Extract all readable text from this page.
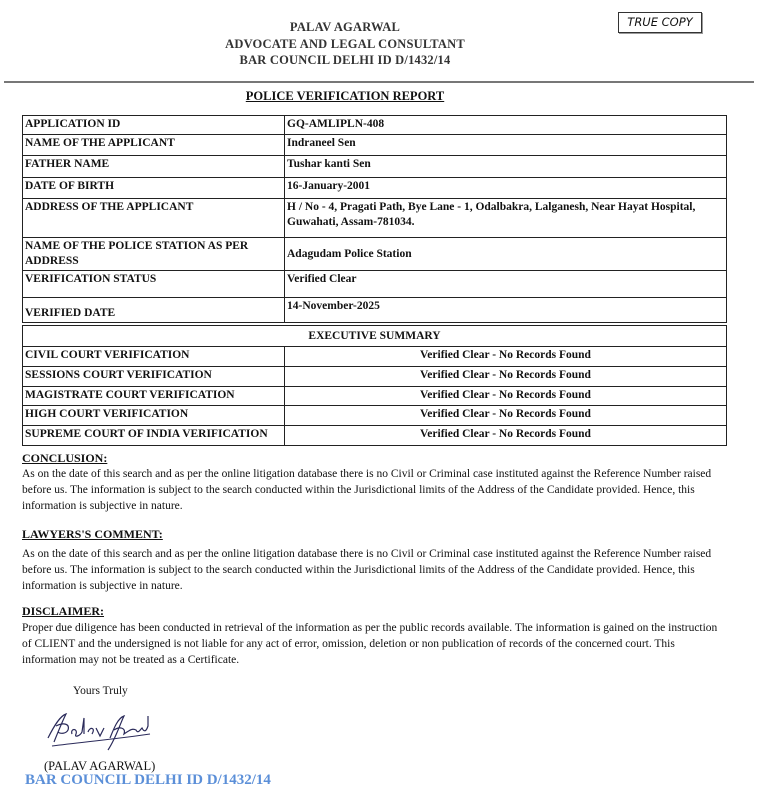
PALAV AGARWAL
ADVOCATE AND LEGAL CONSULTANT
BAR COUNCIL DELHI ID D/1432/14
TRUE COPY
POLICE VERIFICATION REPORT
APPLICATION ID	GQ-AMLIPLN-408
NAME OF THE APPLICANT	Indraneel Sen
FATHER NAME	Tushar kanti Sen
DATE OF BIRTH	16-January-2001
ADDRESS OF THE APPLICANT	H / No - 4, Pragati Path, Bye Lane - 1, Odalbakra, Lalganesh, Near Hayat Hospital, Guwahati, Assam-781034.
NAME OF THE POLICE STATION AS PER ADDRESS	Adagudam Police Station
VERIFICATION STATUS	Verified Clear
VERIFIED DATE	14-November-2025
EXECUTIVE SUMMARY	
CIVIL COURT VERIFICATION	Verified Clear - No Records Found
SESSIONS COURT VERIFICATION	Verified Clear - No Records Found
MAGISTRATE COURT VERIFICATION	Verified Clear - No Records Found
HIGH COURT VERIFICATION	Verified Clear - No Records Found
SUPREME COURT OF INDIA VERIFICATION	Verified Clear - No Records Found
CONCLUSION:
As on the date of this search and as per the online litigation database there is no Civil or Criminal case instituted against the Reference Number raised before us. The information is subject to the search conducted within the Jurisdictional limits of the Address of the Candidate provided. Hence, this information is subjective in nature.
LAWYERS'S COMMENT:
As on the date of this search and as per the online litigation database there is no Civil or Criminal case instituted against the Reference Number raised before us. The information is subject to the search conducted within the Jurisdictional limits of the Address of the Candidate provided. Hence, this information is subjective in nature.
DISCLAIMER:
Proper due diligence has been conducted in retrieval of the information as per the public records available. The information is gained on the instruction of CLIENT and the undersigned is not liable for any act of error, omission, deletion or non publication of records of the concerned court. This information may not be treated as a Certificate.
Yours Truly
(PALAV AGARWAL)
BAR COUNCIL DELHI ID D/1432/14
